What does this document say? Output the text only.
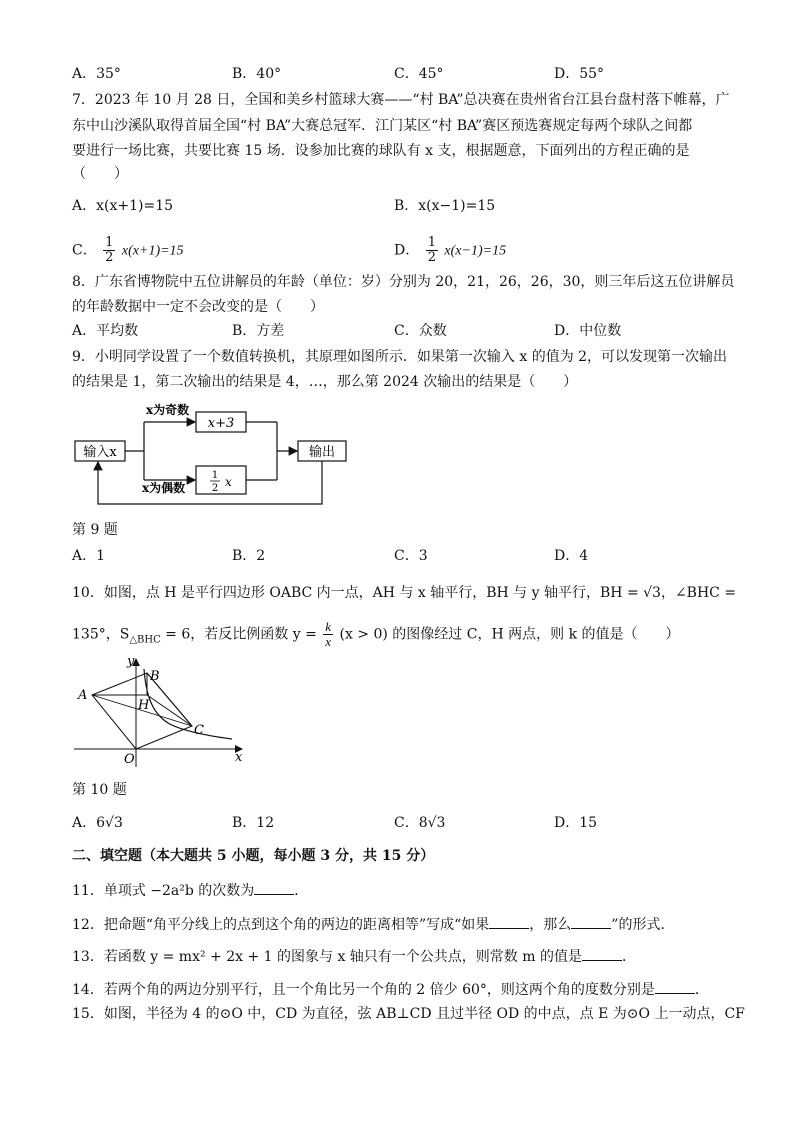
A．35°	B．40°	C．45°	D．55°
7．2023 年 10 月 28 日，全国和美乡村篮球大赛——“村 BA”总决赛在贵州省台江县台盘村落下帷幕，广
东中山沙溪队取得首届全国“村 BA”大赛总冠军．江门某区“村 BA”赛区预选赛规定每两个球队之间都
要进行一场比赛，共要比赛 15 场．设参加比赛的球队有 x 支，根据题意，下面列出的方程正确的是
（　　）
A．x(x+1)=15	B．x(x−1)=15
C． $\frac{1}{2} x(x+1)=15$	D． $\frac{1}{2} x(x-1)=15$
8．广东省博物院中五位讲解员的年龄（单位：岁）分别为 20，21，26，26，30，则三年后这五位讲解员
的年龄数据中一定不会改变的是（　　）
A．平均数	B．方差	C．众数	D．中位数
9．小明同学设置了一个数值转换机，其原理如图所示．如果第一次输入 x 的值为 2，可以发现第一次输出
的结果是 1，第二次输出的结果是 4，…，那么第 2024 次输出的结果是（　　）
输入x
x+3
1
2 x
输出
x为奇数
x为偶数
第 9 题
A．1	B．2	C．3	D．4
10．如图，点 H 是平行四边形 OABC 内一点，AH 与 x 轴平行，BH 与 y 轴平行，BH = √3，∠BHC =
135°，$S_{\triangle BHC} = 6$，若反比例函数 $y = \frac{k}{x} (x > 0)$ 的图像经过 C，H 两点，则 k 的值是（　　）
y
x
O
A
B
H
C
第 10 题
A．6√3	B．12	C．8√3	D．15
二、填空题（本大题共 5 小题，每小题 3 分，共 15 分）
11．单项式 −2a²b 的次数为	．
12．把命题“角平分线上的点到这个角的两边的距离相等”写成“如果	，那么	”的形式．
13．若函数 y = mx² + 2x + 1 的图象与 x 轴只有一个公共点，则常数 m 的值是	．
14．若两个角的两边分别平行，且一个角比另一个角的 2 倍少 60°，则这两个角的度数分别是	．
15．如图，半径为 4 的⊙O 中，CD 为直径，弦 AB⊥CD 且过半径 OD 的中点，点 E 为⊙O 上一动点，CF
